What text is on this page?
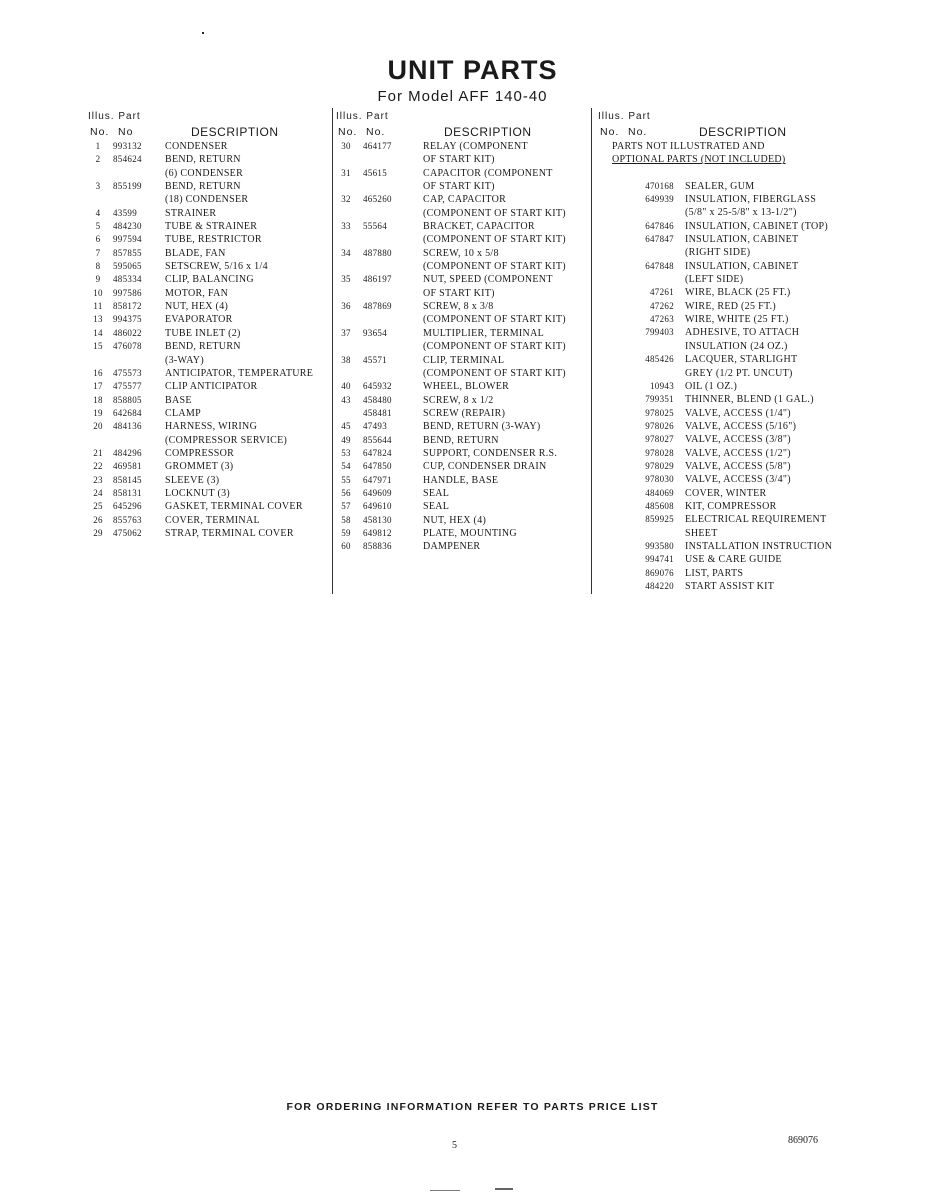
UNIT PARTS
For Model AFF 140-40
Illus. Part
No. No	DESCRIPTION
1	993132 CONDENSER
2	854624 BEND, RETURN
(6) CONDENSER
3	855199 BEND, RETURN
(18) CONDENSER
4	43599	STRAINER
5	484230 TUBE & STRAINER
6	997594 TUBE, RESTRICTOR
7	857855 BLADE, FAN
8	595065 SETSCREW, 5/16 x 1/4
9	485334 CLIP, BALANCING
10	997586 MOTOR, FAN
11	858172 NUT, HEX (4)
13	994375 EVAPORATOR
14	486022 TUBE INLET (2)
15	476078 BEND, RETURN
(3-WAY)
16	475573 ANTICIPATOR, TEMPERATURE
17	475577 CLIP ANTICIPATOR
18	858805 BASE
19	642684 CLAMP
20	484136 HARNESS, WIRING
(COMPRESSOR SERVICE)
21	484296 COMPRESSOR
22	469581 GROMMET (3)
23	858145 SLEEVE (3)
24	858131 LOCKNUT (3)
25	645296 GASKET, TERMINAL COVER
26	855763 COVER, TERMINAL
29	475062 STRAP, TERMINAL COVER
Illus. Part
No. No.	DESCRIPTION
30	464177	RELAY (COMPONENT
OF START KIT)
31	45615	CAPACITOR (COMPONENT
OF START KIT)
32	465260	CAP, CAPACITOR
(COMPONENT OF START KIT)
33	55564	BRACKET, CAPACITOR
(COMPONENT OF START KIT)
34	487880	SCREW, 10 x 5/8
(COMPONENT OF START KIT)
35	486197	NUT, SPEED (COMPONENT
OF START KIT)
36	487869	SCREW, 8 x 3/8
(COMPONENT OF START KIT)
37	93654	MULTIPLIER, TERMINAL
(COMPONENT OF START KIT)
38	45571	CLIP, TERMINAL
(COMPONENT OF START KIT)
40	645932	WHEEL, BLOWER
43	458480	SCREW, 8 x 1/2
458481	SCREW (REPAIR)
45	47493	BEND, RETURN (3-WAY)
49	855644	BEND, RETURN
53	647824	SUPPORT, CONDENSER R.S.
54	647850	CUP, CONDENSER DRAIN
55	647971	HANDLE, BASE
56	649609	SEAL
57	649610	SEAL
58	458130	NUT, HEX (4)
59	649812	PLATE, MOUNTING
60	858836	DAMPENER
Illus. Part
No. No.	DESCRIPTION
PARTS NOT ILLUSTRATED AND
OPTIONAL PARTS (NOT INCLUDED)
470168 SEALER, GUM
649939 INSULATION, FIBERGLASS
(5/8" x 25-5/8" x 13-1/2")
647846 INSULATION, CABINET (TOP)
647847 INSULATION, CABINET
(RIGHT SIDE)
647848 INSULATION, CABINET
(LEFT SIDE)
47261 WIRE, BLACK (25 FT.)
47262 WIRE, RED (25 FT.)
47263 WIRE, WHITE (25 FT.)
799403 ADHESIVE, TO ATTACH
INSULATION (24 OZ.)
485426 LACQUER, STARLIGHT
GREY (1/2 PT. UNCUT)
10943 OIL (1 OZ.)
799351 THINNER, BLEND (1 GAL.)
978025 VALVE, ACCESS (1/4")
978026 VALVE, ACCESS (5/16")
978027 VALVE, ACCESS (3/8")
978028 VALVE, ACCESS (1/2")
978029 VALVE, ACCESS (5/8")
978030 VALVE, ACCESS (3/4")
484069 COVER, WINTER
485608 KIT, COMPRESSOR
859925 ELECTRICAL REQUIREMENT
SHEET
993580 INSTALLATION INSTRUCTION
994741 USE & CARE GUIDE
869076 LIST, PARTS
484220 START ASSIST KIT
FOR ORDERING INFORMATION REFER TO PARTS PRICE LIST
5	869076
